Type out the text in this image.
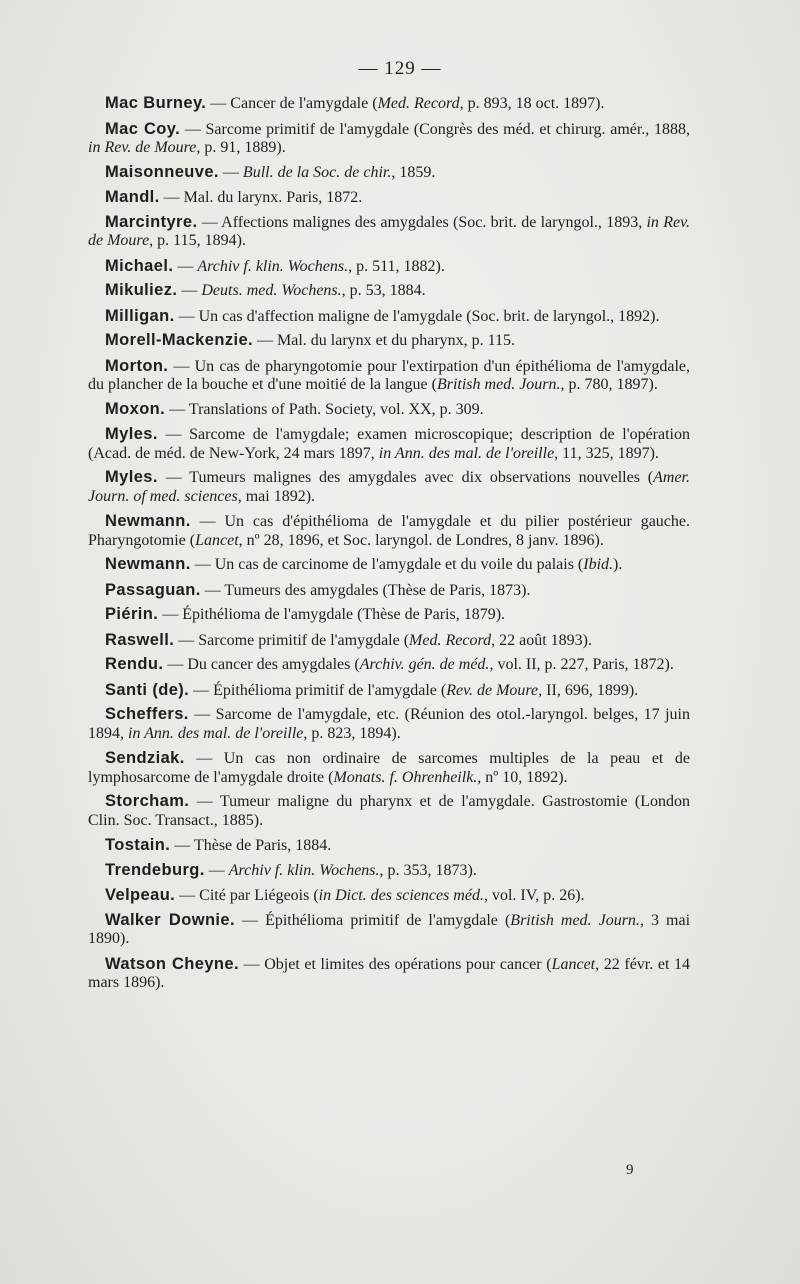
— 129 —
Mac Burney. — Cancer de l'amygdale (Med. Record, p. 893, 18 oct. 1897).
Mac Coy. — Sarcome primitif de l'amygdale (Congrès des méd. et chirurg. amér., 1888, in Rev. de Moure, p. 91, 1889).
Maisonneuve. — Bull. de la Soc. de chir., 1859.
Mandl. — Mal. du larynx. Paris, 1872.
Marcintyre. — Affections malignes des amygdales (Soc. brit. de laryngol., 1893, in Rev. de Moure, p. 115, 1894).
Michael. — Archiv f. klin. Wochens., p. 511, 1882).
Mikuliez. — Deuts. med. Wochens., p. 53, 1884.
Milligan. — Un cas d'affection maligne de l'amygdale (Soc. brit. de laryngol., 1892).
Morell-Mackenzie. — Mal. du larynx et du pharynx, p. 115.
Morton. — Un cas de pharyngotomie pour l'extirpation d'un épithélioma de l'amygdale, du plancher de la bouche et d'une moitié de la langue (British med. Journ., p. 780, 1897).
Moxon. — Translations of Path. Society, vol. XX, p. 309.
Myles. — Sarcome de l'amygdale; examen microscopique; description de l'opération (Acad. de méd. de New-York, 24 mars 1897, in Ann. des mal. de l'oreille, 11, 325, 1897).
Myles. — Tumeurs malignes des amygdales avec dix observations nouvelles (Amer. Journ. of med. sciences, mai 1892).
Newmann. — Un cas d'épithélioma de l'amygdale et du pilier postérieur gauche. Pharyngotomie (Lancet, nº 28, 1896, et Soc. laryngol. de Londres, 8 janv. 1896).
Newmann. — Un cas de carcinome de l'amygdale et du voile du palais (Ibid.).
Passaguan. — Tumeurs des amygdales (Thèse de Paris, 1873).
Piérin. — Épithélioma de l'amygdale (Thèse de Paris, 1879).
Raswell. — Sarcome primitif de l'amygdale (Med. Record, 22 août 1893).
Rendu. — Du cancer des amygdales (Archiv. gén. de méd., vol. II, p. 227, Paris, 1872).
Santi (de). — Épithélioma primitif de l'amygdale (Rev. de Moure, II, 696, 1899).
Scheffers. — Sarcome de l'amygdale, etc. (Réunion des otol.-laryngol. belges, 17 juin 1894, in Ann. des mal. de l'oreille, p. 823, 1894).
Sendziak. — Un cas non ordinaire de sarcomes multiples de la peau et de lymphosarcome de l'amygdale droite (Monats. f. Ohrenheilk., nº 10, 1892).
Storcham. — Tumeur maligne du pharynx et de l'amygdale. Gastrostomie (London Clin. Soc. Transact., 1885).
Tostain. — Thèse de Paris, 1884.
Trendeburg. — Archiv f. klin. Wochens., p. 353, 1873).
Velpeau. — Cité par Liégeois (in Dict. des sciences méd., vol. IV, p. 26).
Walker Downie. — Épithélioma primitif de l'amygdale (British med. Journ., 3 mai 1890).
Watson Cheyne. — Objet et limites des opérations pour cancer (Lancet, 22 févr. et 14 mars 1896).
9
